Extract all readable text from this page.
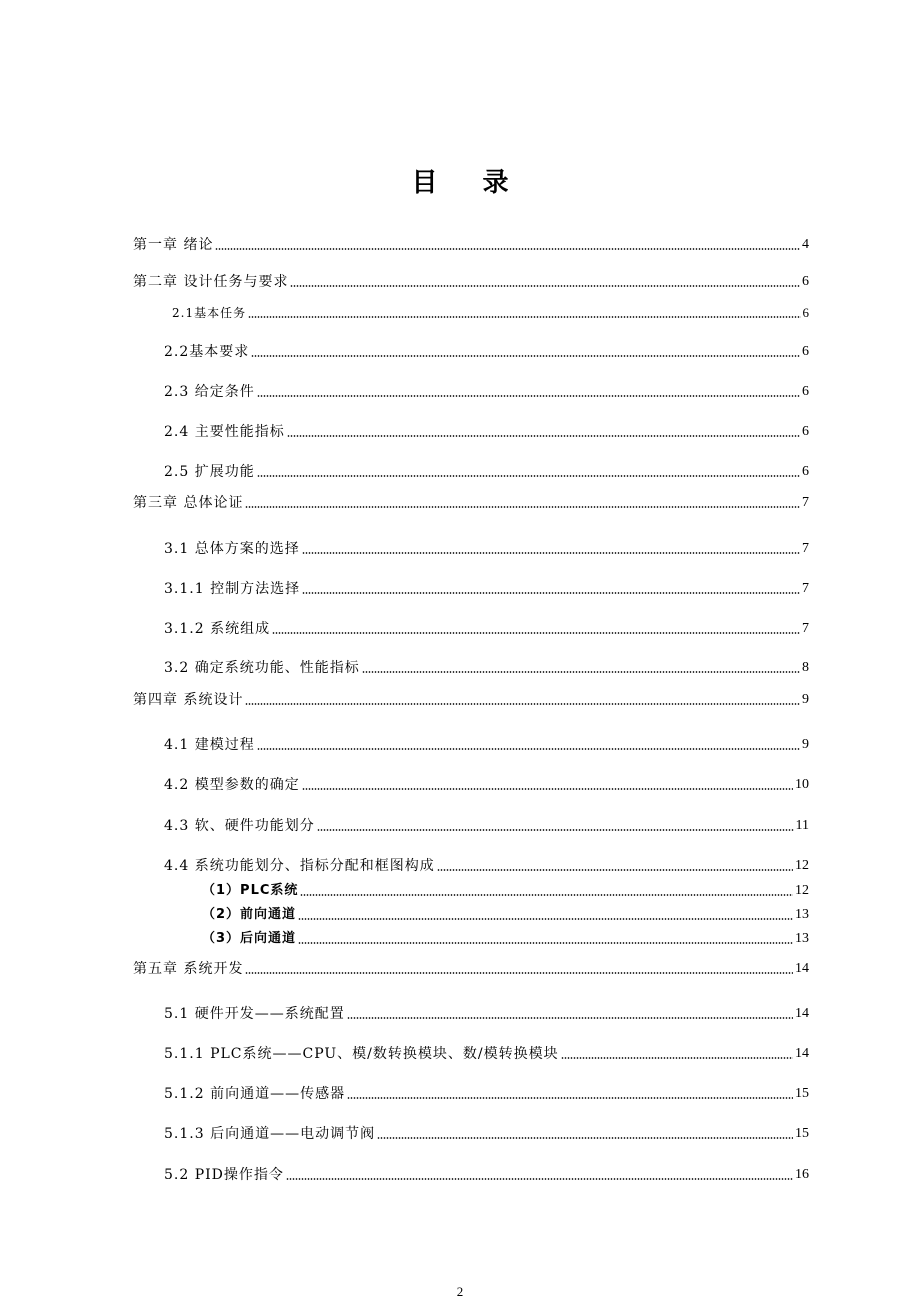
目 录
第一章 绪论	4
第二章 设计任务与要求	6
2.1基本任务	6
2.2基本要求	6
2.3 给定条件	6
2.4 主要性能指标	6
2.5 扩展功能	6
第三章 总体论证	7
3.1 总体方案的选择	7
3.1.1 控制方法选择	7
3.1.2 系统组成	7
3.2 确定系统功能、性能指标	8
第四章 系统设计	9
4.1 建模过程	9
4.2 模型参数的确定	10
4.3 软、硬件功能划分	11
4.4 系统功能划分、指标分配和框图构成	12
（1）PLC系统	12
（2）前向通道	13
（3）后向通道	13
第五章 系统开发	14
5.1 硬件开发——系统配置	14
5.1.1 PLC系统——CPU、模/数转换模块、数/模转换模块	14
5.1.2 前向通道——传感器	15
5.1.3 后向通道——电动调节阀	15
5.2 PID操作指令	16
2
